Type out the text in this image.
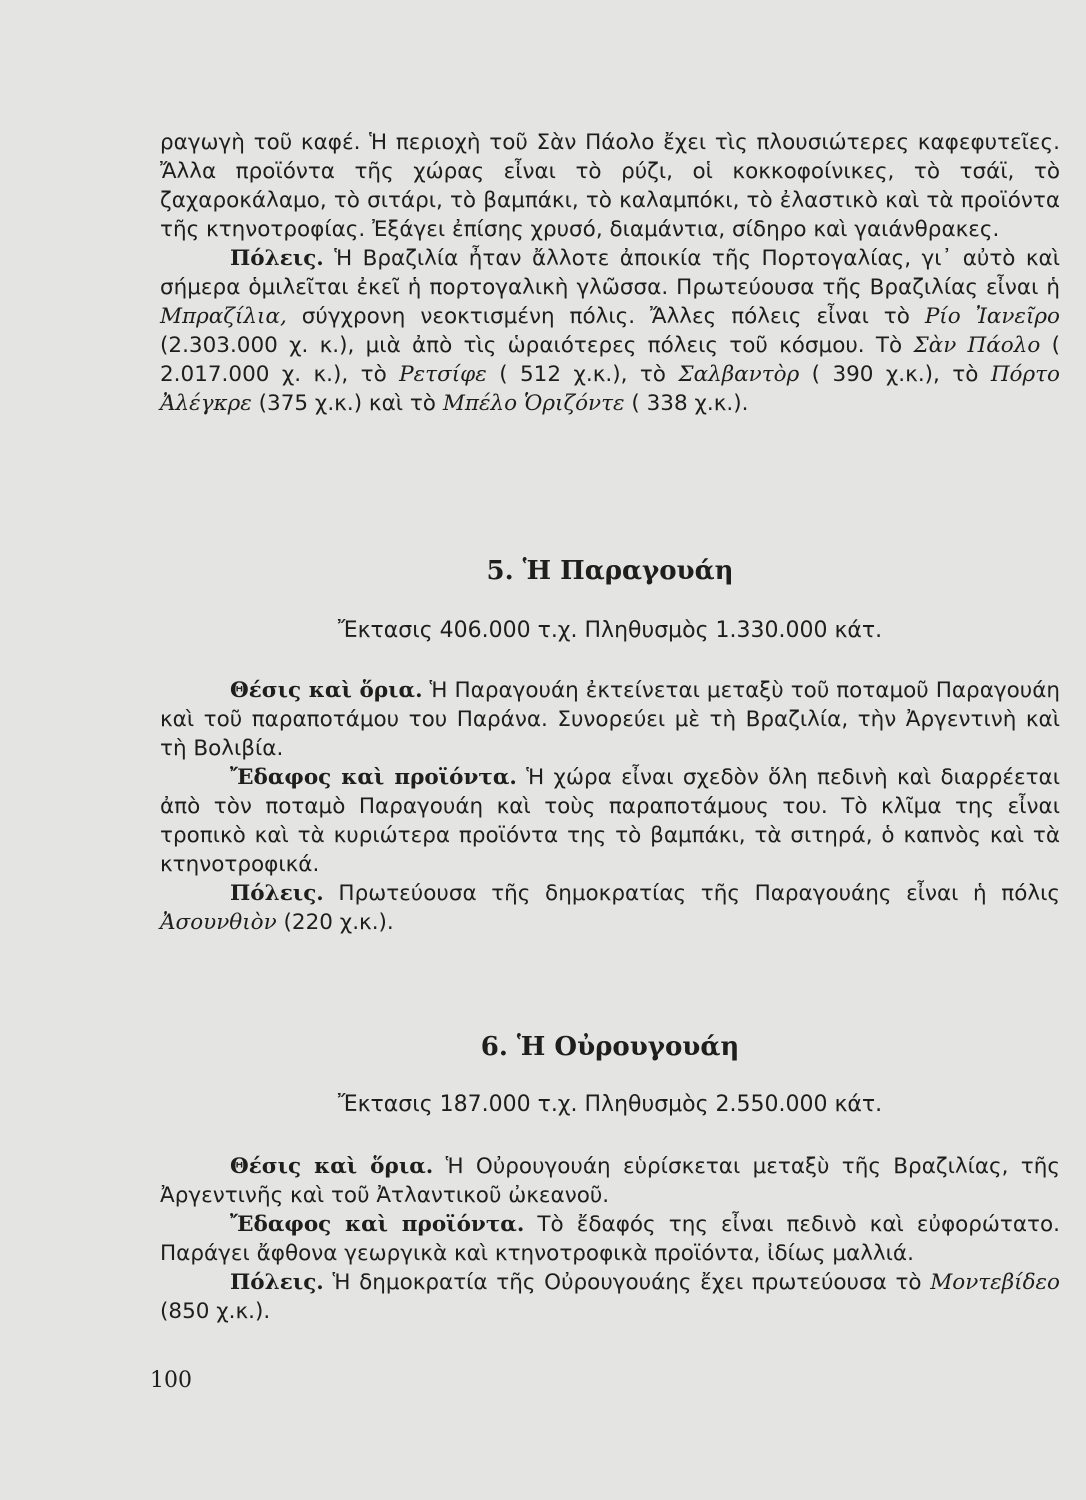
ραγωγὴ τοῦ καφέ. Ἡ περιοχὴ τοῦ Σὰν Πάολο ἔχει τὶς πλουσιώτερες καφεφυτεῖες. Ἄλλα προϊόντα τῆς χώρας εἶναι τὸ ρύζι, οἱ κοκκοφοίνικες, τὸ τσάϊ, τὸ ζαχαροκάλαμο, τὸ σιτάρι, τὸ βαμπάκι, τὸ καλαμπόκι, τὸ ἐλαστικὸ καὶ τὰ προϊόντα τῆς κτηνοτροφίας. Ἐξάγει ἐπίσης χρυσό, διαμάντια, σίδηρο καὶ γαιάνθρακες.

Πόλεις. Ἡ Βραζιλία ἦταν ἄλλοτε ἀποικία τῆς Πορτογαλίας, γι᾽ αὐτὸ καὶ σήμερα ὁμιλεῖται ἐκεῖ ἡ πορτογαλικὴ γλῶσσα. Πρωτεύουσα τῆς Βραζιλίας εἶναι ἡ Μπραζίλια, σύγχρονη νεοκτισμένη πόλις. Ἄλλες πόλεις εἶναι τὸ Ρίο Ἰανεῖρο (2.303.000 χ. κ.), μιὰ ἀπὸ τὶς ὡραιότερες πόλεις τοῦ κόσμου. Τὸ Σὰν Πάολο ( 2.017.000 χ. κ.), τὸ Ρετσίφε ( 512 χ.κ.), τὸ Σαλβαντὸρ ( 390 χ.κ.), τὸ Πόρτο Ἀλέγκρε (375 χ.κ.) καὶ τὸ Μπέλο Ὁριζόντε ( 338 χ.κ.).

5. Ἡ Παραγουάη
Ἔκτασις 406.000 τ.χ. Πληθυσμὸς 1.330.000 κάτ.

Θέσις καὶ ὅρια. Ἡ Παραγουάη ἐκτείνεται μεταξὺ τοῦ ποταμοῦ Παραγουάη καὶ τοῦ παραποτάμου του Παράνα. Συνορεύει μὲ τὴ Βραζιλία, τὴν Ἀργεντινὴ καὶ τὴ Βολιβία.

Ἔδαφος καὶ προϊόντα. Ἡ χώρα εἶναι σχεδὸν ὅλη πεδινὴ καὶ διαρρέεται ἀπὸ τὸν ποταμὸ Παραγουάη καὶ τοὺς παραποτάμους του. Τὸ κλῖμα της εἶναι τροπικὸ καὶ τὰ κυριώτερα προϊόντα της τὸ βαμπάκι, τὰ σιτηρά, ὁ καπνὸς καὶ τὰ κτηνοτροφικά.

Πόλεις. Πρωτεύουσα τῆς δημοκρατίας τῆς Παραγουάης εἶναι ἡ πόλις Ἀσουνθιὸν (220 χ.κ.).

6. Ἡ Οὐρουγουάη
Ἔκτασις 187.000 τ.χ. Πληθυσμὸς 2.550.000 κάτ.

Θέσις καὶ ὅρια. Ἡ Οὐρουγουάη εὑρίσκεται μεταξὺ τῆς Βραζιλίας, τῆς Ἀργεντινῆς καὶ τοῦ Ἀτλαντικοῦ ὠκεανοῦ.

Ἔδαφος καὶ προϊόντα. Τὸ ἔδαφός της εἶναι πεδινὸ καὶ εὐφορώτατο. Παράγει ἄφθονα γεωργικὰ καὶ κτηνοτροφικὰ προϊόντα, ἰδίως μαλλιά.

Πόλεις. Ἡ δημοκρατία τῆς Οὐρουγουάης ἔχει πρωτεύουσα τὸ Μοντεβίδεο (850 χ.κ.).

100
